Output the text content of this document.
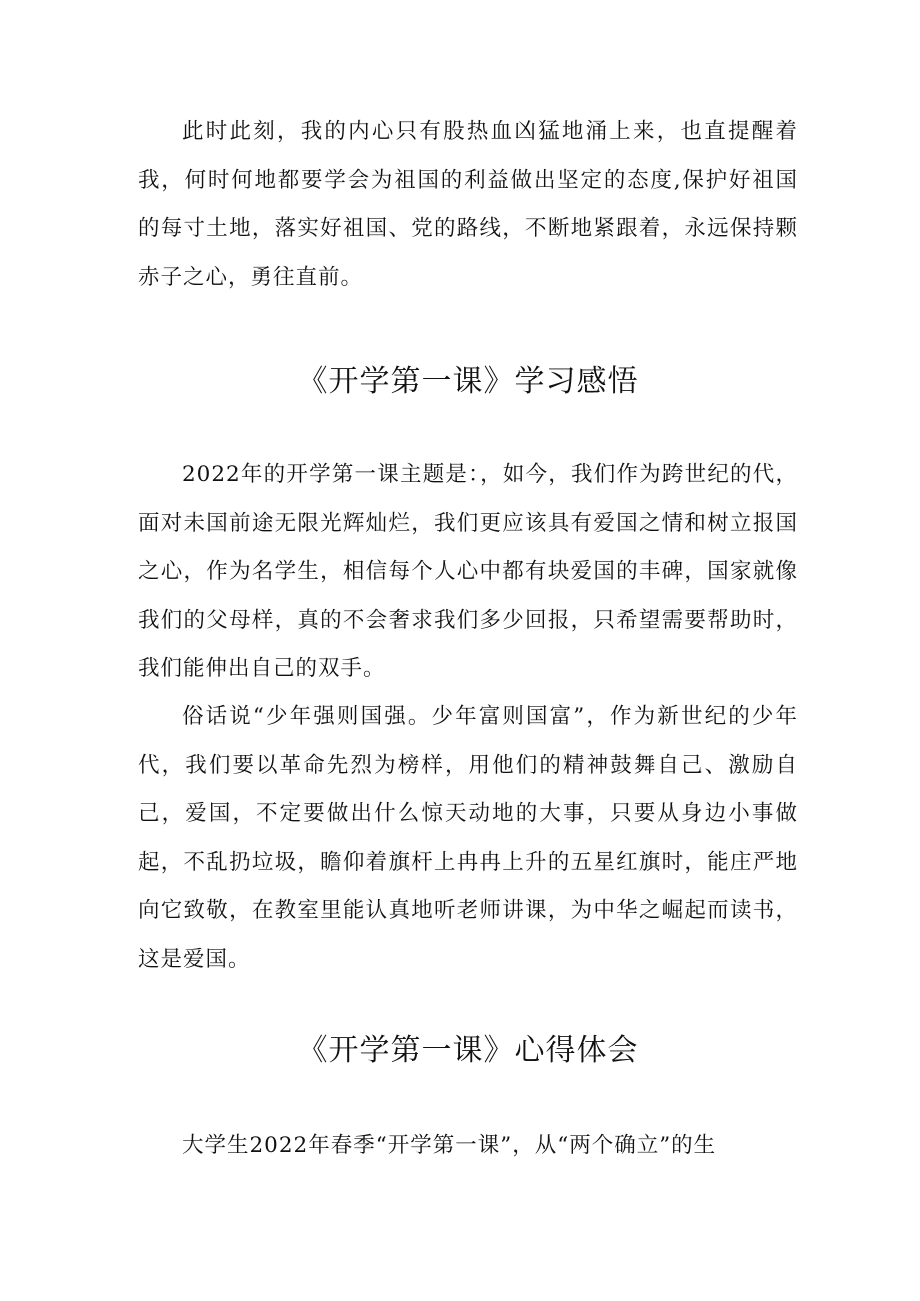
此时此刻，我的内心只有股热血凶猛地涌上来，也直提醒着我，何时何地都要学会为祖国的利益做出坚定的态度,保护好祖国的每寸土地，落实好祖国、党的路线，不断地紧跟着，永远保持颗赤子之心，勇往直前。

《开学第一课》学习感悟

2022年的开学第一课主题是：，如今，我们作为跨世纪的代，面对未国前途无限光辉灿烂，我们更应该具有爱国之情和树立报国之心，作为名学生，相信每个人心中都有块爱国的丰碑，国家就像我们的父母样，真的不会奢求我们多少回报，只希望需要帮助时，我们能伸出自己的双手。

俗话说“少年强则国强。少年富则国富”，作为新世纪的少年代，我们要以革命先烈为榜样，用他们的精神鼓舞自己、激励自己，爱国，不定要做出什么惊天动地的大事，只要从身边小事做起，不乱扔垃圾，瞻仰着旗杆上冉冉上升的五星红旗时，能庄严地向它致敬，在教室里能认真地听老师讲课，为中华之崛起而读书，这是爱国。

《开学第一课》心得体会

大学生2022年春季“开学第一课”，从“两个确立”的生
